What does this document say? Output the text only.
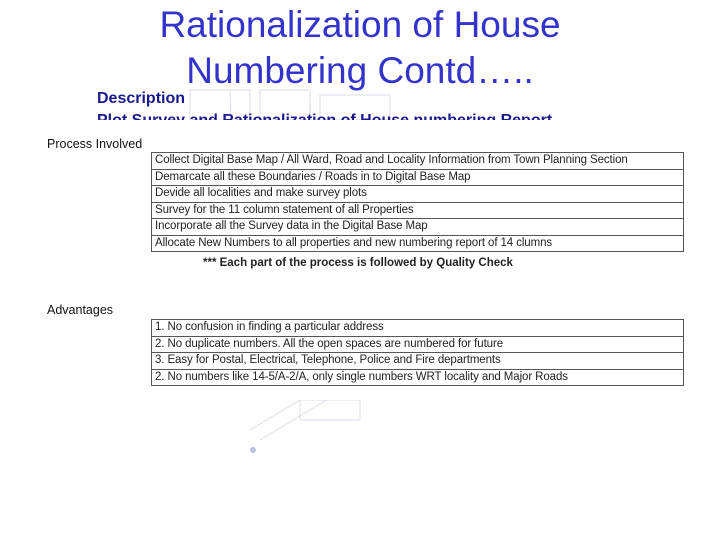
Rationalization of House Numbering Contd…..
Description
Process Involved
Collect Digital Base Map / All Ward, Road and Locality Information from Town Planning Section
Demarcate all these Boundaries / Roads in to Digital Base Map
Devide all localities and make survey plots
Survey for the 11 column statement of all Properties
Incorporate all the Survey data in the Digital Base Map
Allocate New Numbers to all properties and new numbering report of 14 clumns
*** Each part of the process is followed by Quality Check
Advantages
1. No confusion in finding a particular address
2. No duplicate numbers. All the open spaces are numbered for future
3. Easy for Postal, Electrical, Telephone, Police and Fire departments
2. No numbers like 14-5/A-2/A, only single numbers WRT locality and Major Roads
